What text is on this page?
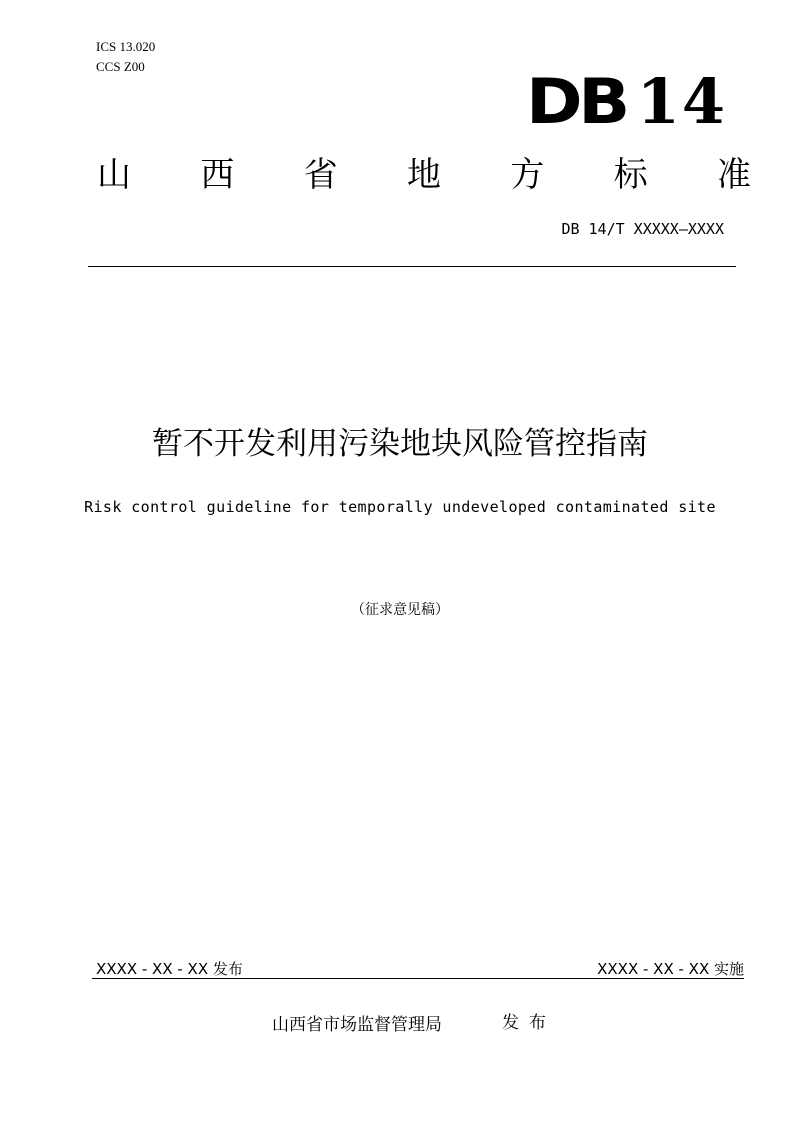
ICS 13.020
CCS Z00	DB 14
山 西 省 地 方 标 准
DB 14/T XXXXX—XXXX
暂不开发利用污染地块风险管控指南
Risk control guideline for temporally undeveloped contaminated site
（征求意见稿）
XXXX - XX - XX 发布	XXXX - XX - XX 实施
山西省市场监督管理局	发布
